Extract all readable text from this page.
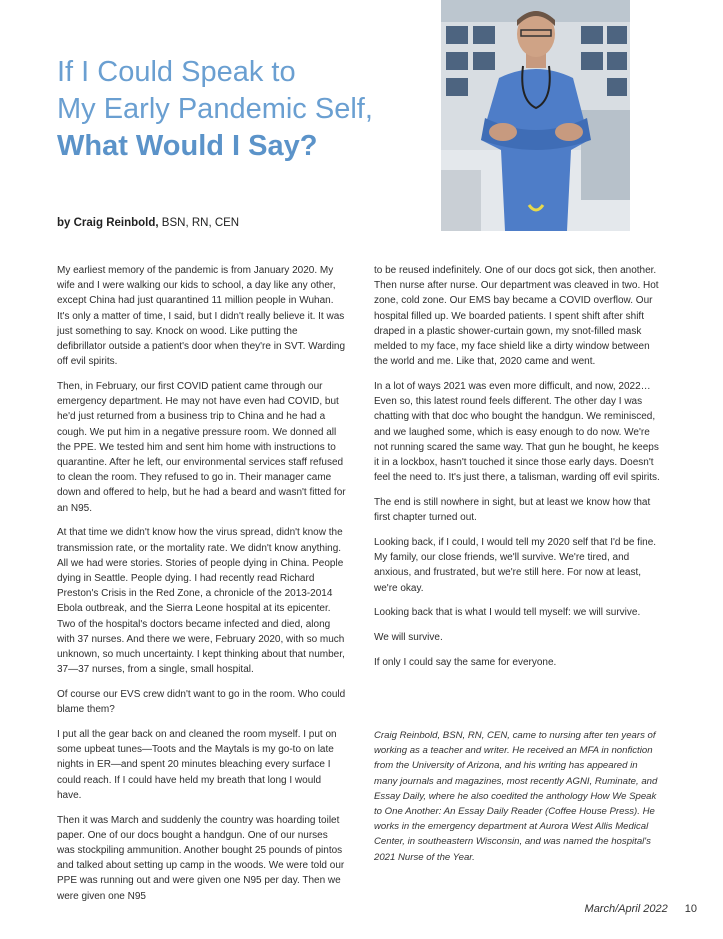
If I Could Speak to
My Early Pandemic Self,
What Would I Say?
by Craig Reinbold, BSN, RN, CEN

My earliest memory of the pandemic is from January 2020. My wife and I were walking our kids to school, a day like any other, except China had just quarantined 11 million people in Wuhan. It's only a matter of time, I said, but I didn't really believe it. It was just something to say. Knock on wood. Like putting the defibrillator outside a patient's door when they're in SVT. Warding off evil spirits.

Then, in February, our first COVID patient came through our emergency department. He may not have even had COVID, but he'd just returned from a business trip to China and he had a cough. We put him in a negative pressure room. We donned all the PPE. We tested him and sent him home with instructions to quarantine. After he left, our environmental services staff refused to clean the room. They refused to go in. Their manager came down and offered to help, but he had a beard and wasn't fitted for an N95.

At that time we didn't know how the virus spread, didn't know the transmission rate, or the mortality rate. We didn't know anything. All we had were stories. Stories of people dying in China. People dying in Seattle. People dying. I had recently read Richard Preston's Crisis in the Red Zone, a chronicle of the 2013-2014 Ebola outbreak, and the Sierra Leone hospital at its epicenter. Two of the hospital's doctors became infected and died, along with 37 nurses. And there we were, February 2020, with so much unknown, so much uncertainty. I kept thinking about that number, 37—37 nurses, from a single, small hospital.

Of course our EVS crew didn't want to go in the room. Who could blame them?

I put all the gear back on and cleaned the room myself. I put on some upbeat tunes—Toots and the Maytals is my go-to on late nights in ER—and spent 20 minutes bleaching every surface I could reach. If I could have held my breath that long I would have.

Then it was March and suddenly the country was hoarding toilet paper. One of our docs bought a handgun. One of our nurses was stockpiling ammunition. Another bought 25 pounds of pintos and talked about setting up camp in the woods. We were told our PPE was running out and were given one N95 per day. Then we were given one N95

to be reused indefinitely. One of our docs got sick, then another. Then nurse after nurse. Our department was cleaved in two. Hot zone, cold zone. Our EMS bay became a COVID overflow. Our hospital filled up. We boarded patients. I spent shift after shift draped in a plastic shower-curtain gown, my snot-filled mask melded to my face, my face shield like a dirty window between the world and me. Like that, 2020 came and went.

In a lot of ways 2021 was even more difficult, and now, 2022… Even so, this latest round feels different. The other day I was chatting with that doc who bought the handgun. We reminisced, and we laughed some, which is easy enough to do now. We're not running scared the same way. That gun he bought, he keeps it in a lockbox, hasn't touched it since those early days. Doesn't feel the need to. It's just there, a talisman, warding off evil spirits.

The end is still nowhere in sight, but at least we know how that first chapter turned out.

Looking back, if I could, I would tell my 2020 self that I'd be fine. My family, our close friends, we'll survive. We're tired, and anxious, and frustrated, but we're still here. For now at least, we're okay.

Looking back that is what I would tell myself: we will survive.

We will survive.

If only I could say the same for everyone.

Craig Reinbold, BSN, RN, CEN, came to nursing after ten years of working as a teacher and writer. He received an MFA in nonfiction from the University of Arizona, and his writing has appeared in many journals and magazines, most recently AGNI, Ruminate, and Essay Daily, where he also coedited the anthology How We Speak to One Another: An Essay Daily Reader (Coffee House Press). He works in the emergency department at Aurora West Allis Medical Center, in southeastern Wisconsin, and was named the hospital's 2021 Nurse of the Year.

March/April 2022 10
